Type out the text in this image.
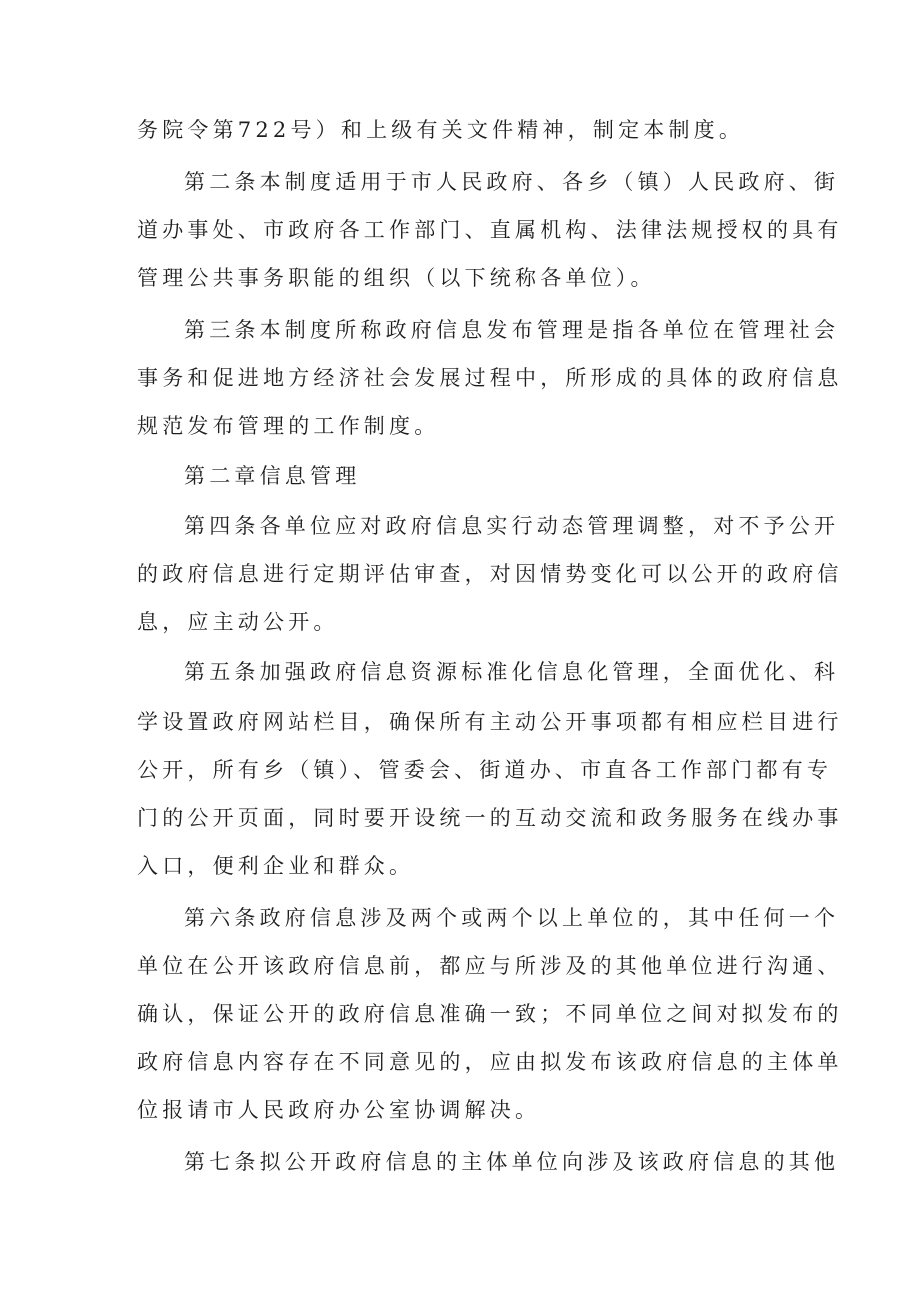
务院令第722号）和上级有关文件精神，制定本制度。
第二条本制度适用于市人民政府、各乡（镇）人民政府、街
道办事处、市政府各工作部门、直属机构、法律法规授权的具有
管理公共事务职能的组织（以下统称各单位）。
第三条本制度所称政府信息发布管理是指各单位在管理社会
事务和促进地方经济社会发展过程中，所形成的具体的政府信息
规范发布管理的工作制度。
第二章信息管理
第四条各单位应对政府信息实行动态管理调整，对不予公开
的政府信息进行定期评估审查，对因情势变化可以公开的政府信
息，应主动公开。
第五条加强政府信息资源标准化信息化管理，全面优化、科
学设置政府网站栏目，确保所有主动公开事项都有相应栏目进行
公开，所有乡（镇）、管委会、街道办、市直各工作部门都有专
门的公开页面，同时要开设统一的互动交流和政务服务在线办事
入口，便利企业和群众。
第六条政府信息涉及两个或两个以上单位的，其中任何一个
单位在公开该政府信息前，都应与所涉及的其他单位进行沟通、
确认，保证公开的政府信息准确一致；不同单位之间对拟发布的
政府信息内容存在不同意见的，应由拟发布该政府信息的主体单
位报请市人民政府办公室协调解决。
第七条拟公开政府信息的主体单位向涉及该政府信息的其他
